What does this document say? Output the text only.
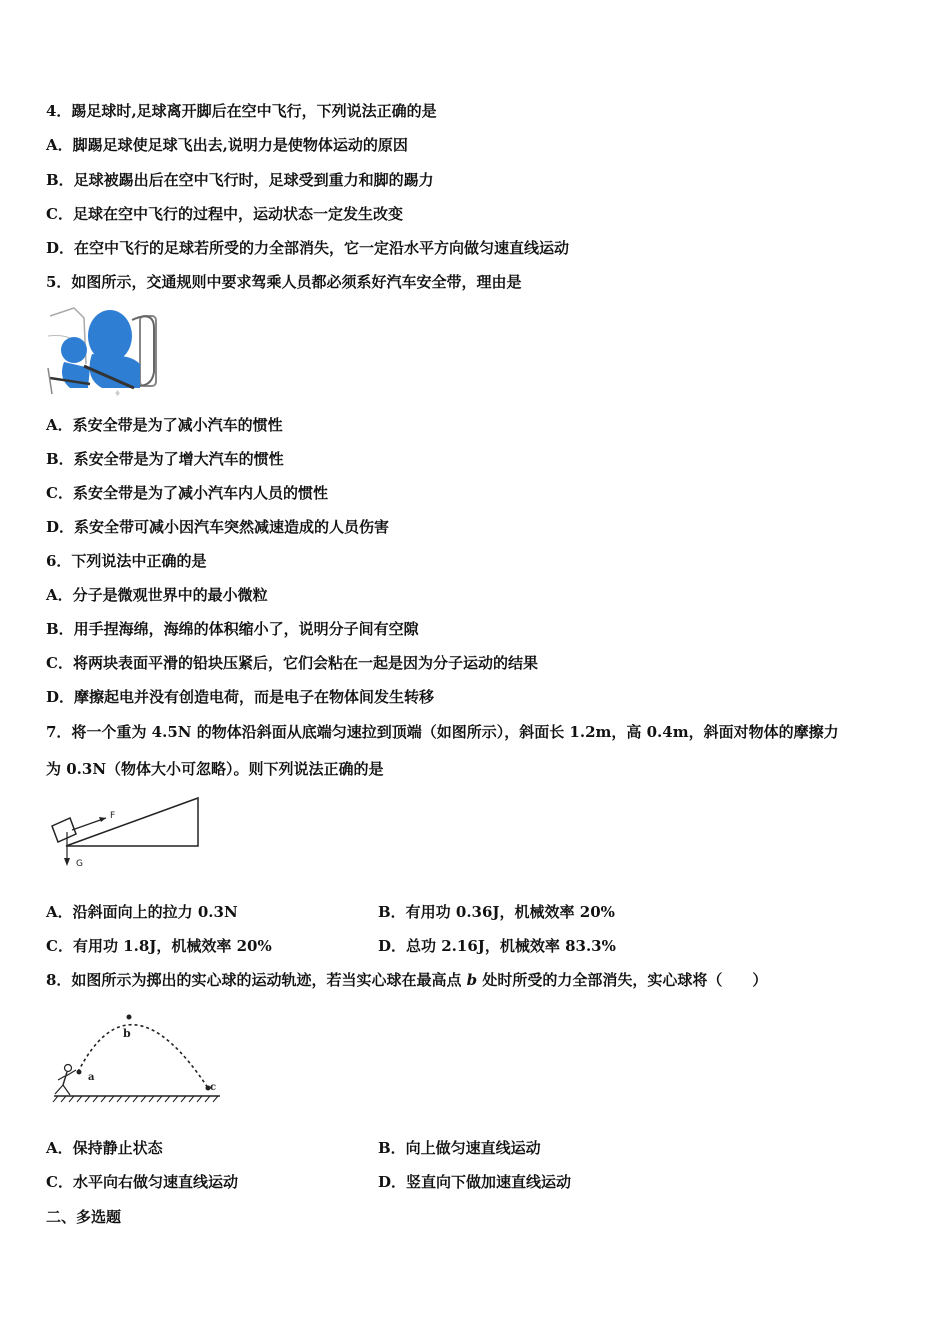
4．踢足球时,足球离开脚后在空中飞行，下列说法正确的是
A．脚踢足球使足球飞出去,说明力是使物体运动的原因
B．足球被踢出后在空中飞行时，足球受到重力和脚的踢力
C．足球在空中飞行的过程中，运动状态一定发生改变
D．在空中飞行的足球若所受的力全部消失，它一定沿水平方向做匀速直线运动
5．如图所示，交通规则中要求驾乘人员都必须系好汽车安全带，理由是
♦
A．系安全带是为了减小汽车的惯性
B．系安全带是为了增大汽车的惯性
C．系安全带是为了减小汽车内人员的惯性
D．系安全带可减小因汽车突然减速造成的人员伤害
6．下列说法中正确的是
A．分子是微观世界中的最小微粒
B．用手捏海绵，海绵的体积缩小了，说明分子间有空隙
C．将两块表面平滑的铅块压紧后，它们会粘在一起是因为分子运动的结果
D．摩擦起电并没有创造电荷，而是电子在物体间发生转移
7．将一个重为 4.5N 的物体沿斜面从底端匀速拉到顶端（如图所示），斜面长 1.2m，高 0.4m，斜面对物体的摩擦力
为 0.3N（物体大小可忽略）。则下列说法正确的是
F
G
A．沿斜面向上的拉力 0.3N	B．有用功 0.36J，机械效率 20%
C．有用功 1.8J，机械效率 20%	D．总功 2.16J，机械效率 83.3%
8．如图所示为掷出的实心球的运动轨迹，若当实心球在最高点 b 处时所受的力全部消失，实心球将（　　）
a
b
c
A．保持静止状态	B．向上做匀速直线运动
C．水平向右做匀速直线运动	D．竖直向下做加速直线运动
二、多选题
